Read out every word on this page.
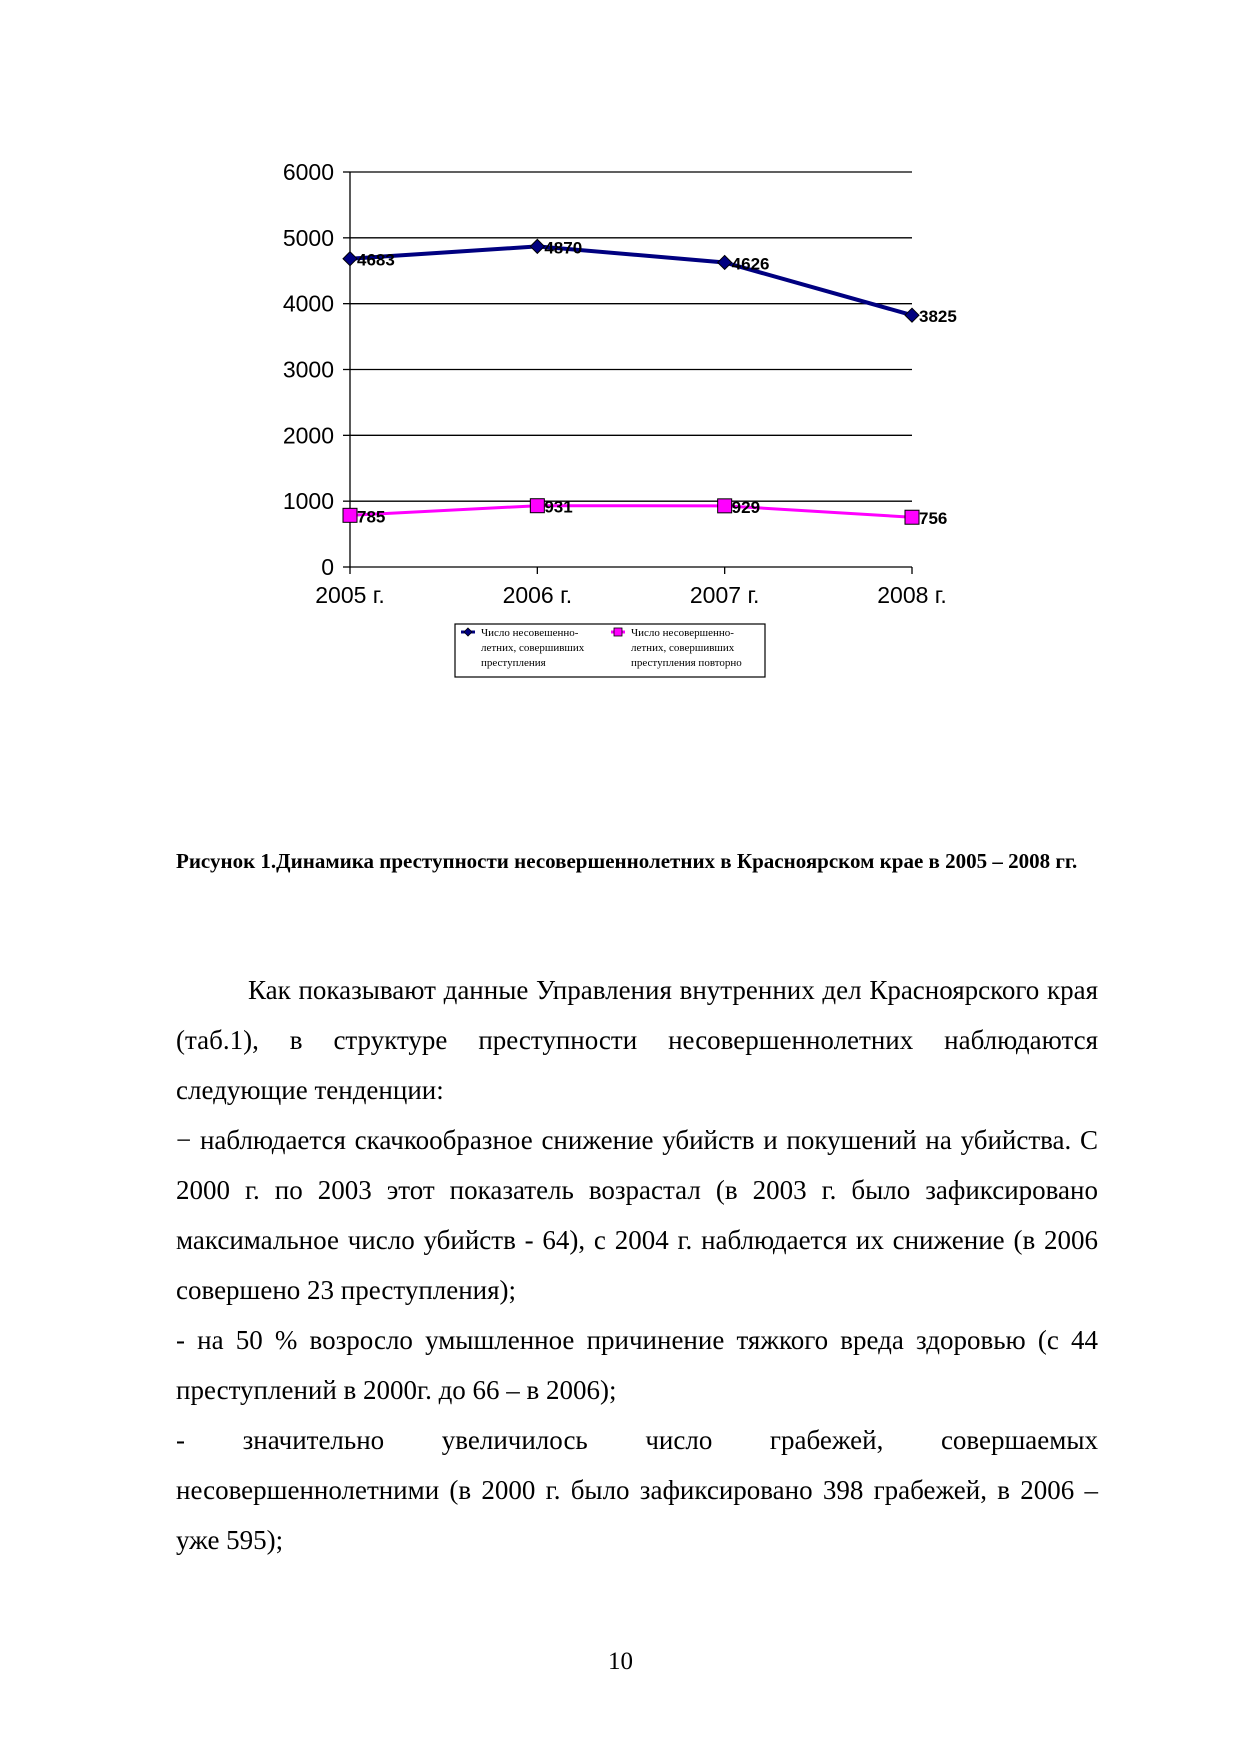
0
1000
2000
3000
4000
5000
6000
2005 г.	2006 г.	2007 г.	2008 г.
4683
4870
4626
3825
785
931	929
756
Число несовешенно-
летних, совершивших
преступления
Число несовершенно-
летних, совершивших
преступления повторно
Рисунок 1.Динамика преступности несовершеннолетних в Красноярском крае в 2005 – 2008 гг.

Как показывают данные Управления внутренних дел Красноярского края (таб.1), в структуре преступности несовершеннолетних наблюдаются следующие тенденции:

− наблюдается скачкообразное снижение убийств и покушений на убийства. С 2000 г. по 2003 этот показатель возрастал (в 2003 г. было зафиксировано максимальное число убийств - 64), с 2004 г. наблюдается их снижение (в 2006 совершено 23 преступления);

- на 50 % возросло умышленное причинение тяжкого вреда здоровью (с 44 преступлений в 2000г. до 66 – в 2006);

- значительно увеличилось число грабежей, совершаемых несовершеннолетними (в 2000 г. было зафиксировано 398 грабежей, в 2006 – уже 595);

10
